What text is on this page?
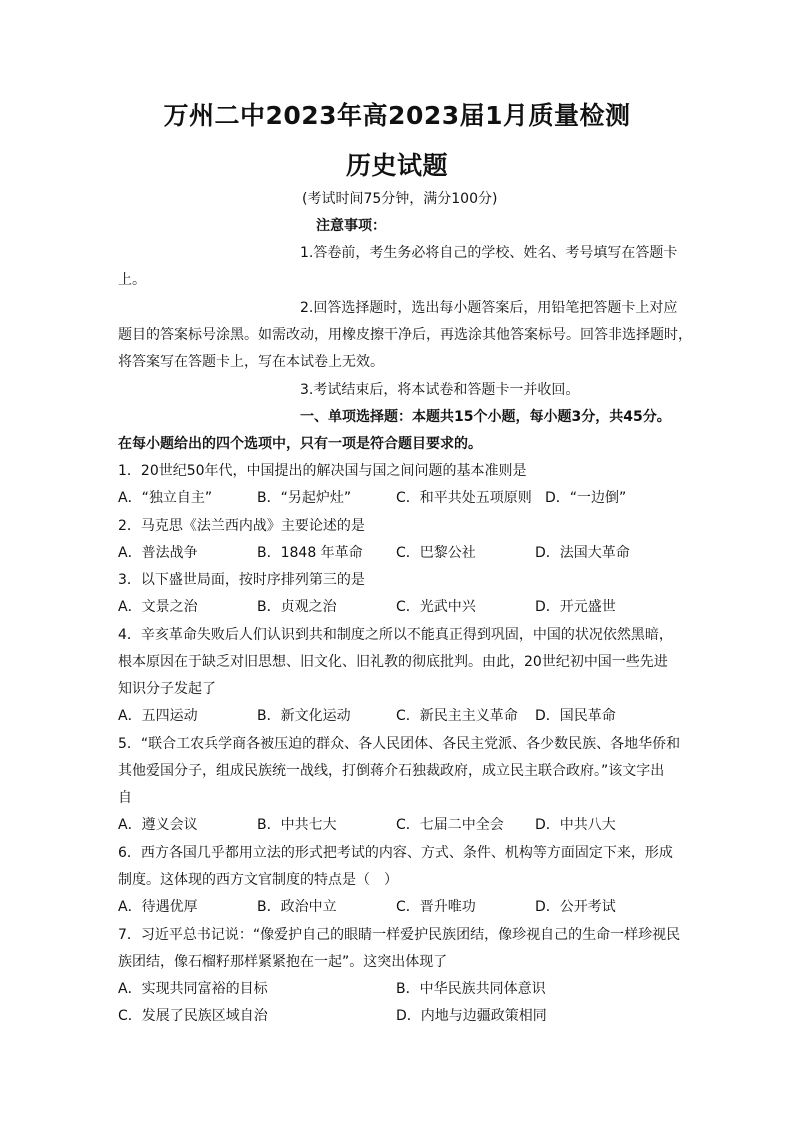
万州二中2023年高2023届1月质量检测
历史试题
(考试时间75分钟，满分100分)
注意事项：
1.答卷前，考生务必将自己的学校、姓名、考号填写在答题卡
上。
2.回答选择题时，选出每小题答案后，用铅笔把答题卡上对应
题目的答案标号涂黑。如需改动，用橡皮擦干净后，再选涂其他答案标号。回答非选择题时，
将答案写在答题卡上，写在本试卷上无效。
3.考试结束后，将本试卷和答题卡一并收回。
一、单项选择题：本题共15个小题，每小题3分，共45分。
在每小题给出的四个选项中，只有一项是符合题目要求的。
1．20世纪50年代，中国提出的解决国与国之间问题的基本准则是
A．“独立自主”	B．“另起炉灶”	C．和平共处五项原则 D．“一边倒”
2．马克思《法兰西内战》主要论述的是
A．普法战争	B．1848 年革命 C．巴黎公社	D．法国大革命
3．以下盛世局面，按时序排列第三的是
A．文景之治	B．贞观之治	C．光武中兴	D．开元盛世
4．辛亥革命失败后人们认识到共和制度之所以不能真正得到巩固，中国的状况依然黑暗，
根本原因在于缺乏对旧思想、旧文化、旧礼教的彻底批判。由此，20世纪初中国一些先进
知识分子发起了
A．五四运动	B．新文化运动	C．新民主主义革命 D．国民革命
5．“联合工农兵学商各被压迫的群众、各人民团体、各民主党派、各少数民族、各地华侨和
其他爱国分子，组成民族统一战线，打倒蒋介石独裁政府，成立民主联合政府。”该文字出
自
A．遵义会议	B．中共七大	C．七届二中全会 D．中共八大
6．西方各国几乎都用立法的形式把考试的内容、方式、条件、机构等方面固定下来，形成
制度。这体现的西方文官制度的特点是（　）
A．待遇优厚	B．政治中立	C．晋升唯功	D．公开考试
7．习近平总书记说：“像爱护自己的眼睛一样爱护民族团结，像珍视自己的生命一样珍视民
族团结，像石榴籽那样紧紧抱在一起”。这突出体现了
A．实现共同富裕的目标	B．中华民族共同体意识
C．发展了民族区域自治	D．内地与边疆政策相同
